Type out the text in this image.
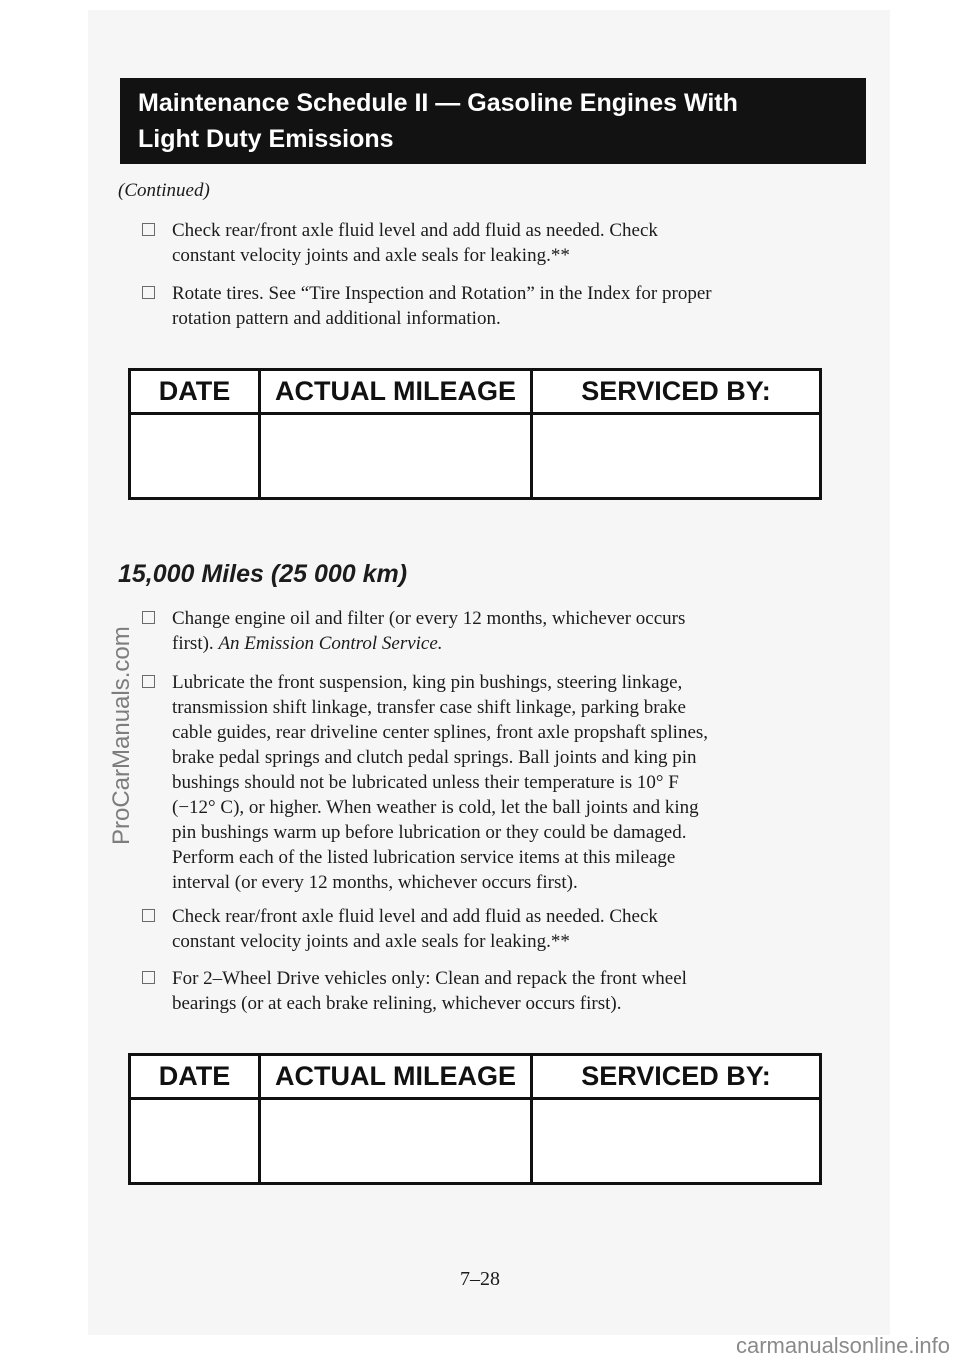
Maintenance Schedule II — Gasoline Engines With
Light Duty Emissions
(Continued)
Check rear/front axle fluid level and add fluid as needed. Check
constant velocity joints and axle seals for leaking.**
Rotate tires. See “Tire Inspection and Rotation” in the Index for proper
rotation pattern and additional information.
DATE	ACTUAL MILEAGE	SERVICED BY:
15,000 Miles (25 000 km)
Change engine oil and filter (or every 12 months, whichever occurs
first). An Emission Control Service.
Lubricate the front suspension, king pin bushings, steering linkage,
transmission shift linkage, transfer case shift linkage, parking brake
cable guides, rear driveline center splines, front axle propshaft splines,
brake pedal springs and clutch pedal springs. Ball joints and king pin
bushings should not be lubricated unless their temperature is 10° F
(−12° C), or higher. When weather is cold, let the ball joints and king
pin bushings warm up before lubrication or they could be damaged.
Perform each of the listed lubrication service items at this mileage
interval (or every 12 months, whichever occurs first).
Check rear/front axle fluid level and add fluid as needed. Check
constant velocity joints and axle seals for leaking.**
For 2–Wheel Drive vehicles only: Clean and repack the front wheel
bearings (or at each brake relining, whichever occurs first).
DATE	ACTUAL MILEAGE	SERVICED BY:
7–28
ProCarManuals.com
carmanualsonline.info
